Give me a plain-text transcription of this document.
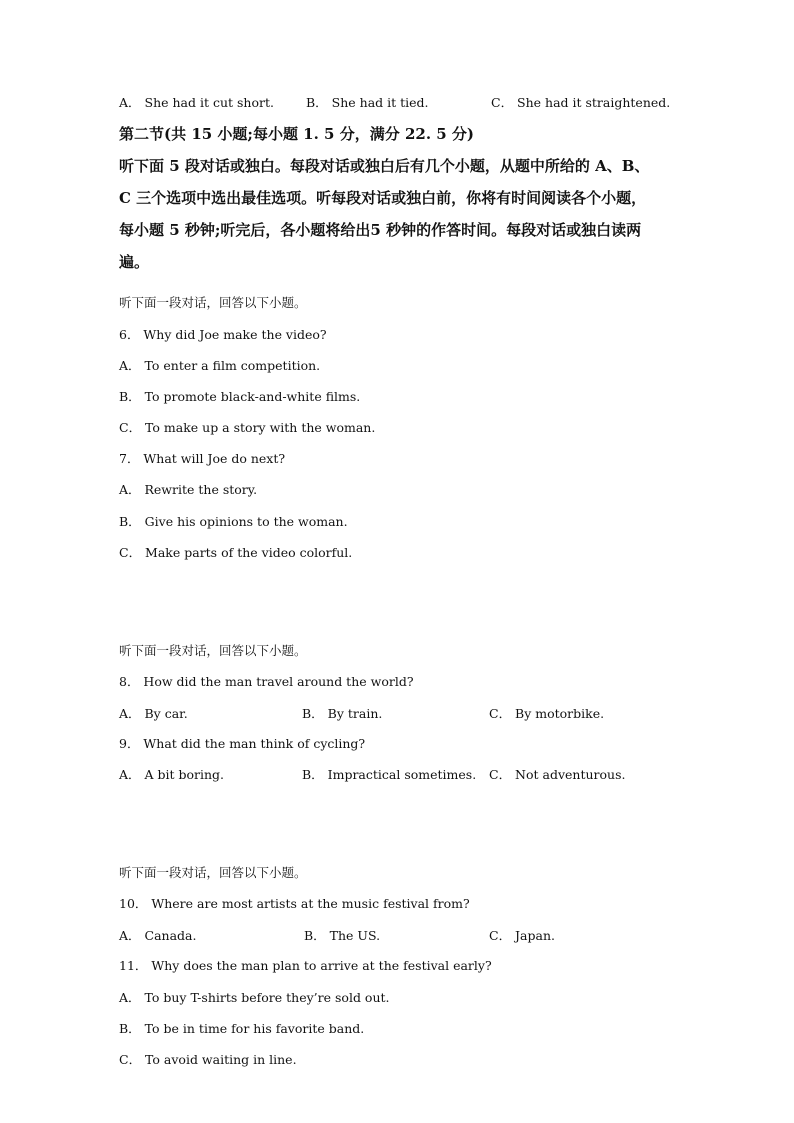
A． She had it cut short.	B． She had it tied.	C． She had it straightened.
第二节(共 15 小题;每小题 1. 5 分，满分 22. 5 分)
听下面 5 段对话或独白。每段对话或独白后有几个小题，从题中所给的 A、B、
C 三个选项中选出最佳选项。听每段对话或独白前，你将有时间阅读各个小题，
每小题 5 秒钟;听完后，各小题将给出5 秒钟的作答时间。每段对话或独白读两
遍。
听下面一段对话，回答以下小题。
6． Why did Joe make the video?
A． To enter a film competition.
B． To promote black-and-white films.
C． To make up a story with the woman.
7． What will Joe do next?
A． Rewrite the story.
B． Give his opinions to the woman.
C． Make parts of the video colorful.
听下面一段对话，回答以下小题。
8． How did the man travel around the world?
A． By car.	B． By train.	C． By motorbike.
9． What did the man think of cycling?
A． A bit boring.	B． Impractical sometimes. C． Not adventurous.
听下面一段对话，回答以下小题。
10． Where are most artists at the music festival from?
A． Canada.	B． The US.	C． Japan.
11． Why does the man plan to arrive at the festival early?
A． To buy T-shirts before they’re sold out.
B． To be in time for his favorite band.
C． To avoid waiting in line.
